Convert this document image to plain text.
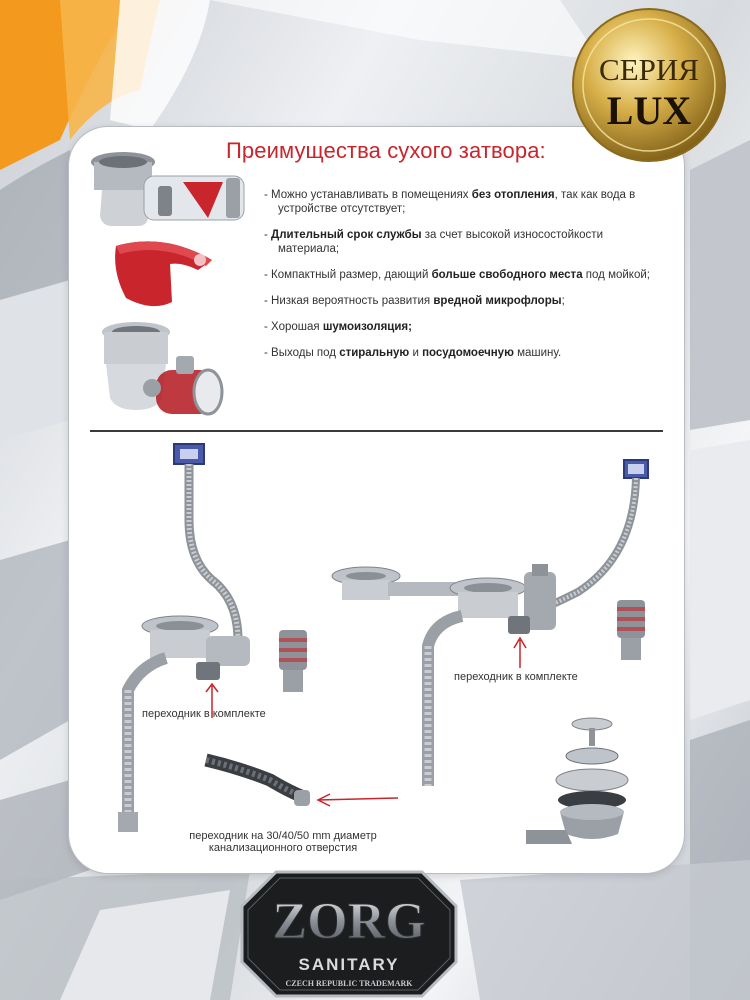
СЕРИЯ
LUX
Преимущества сухого затвора:
- Можно устанавливать в помещениях без отопления, так как вода в устройстве отсутствует;
- Длительный срок службы за счет высокой износостойкости материала;
- Компактный размер, дающий больше свободного места под мойкой;
- Низкая вероятность развития вредной микрофлоры;
- Хорошая шумоизоляция;
- Выходы под стиральную и посудомоечную машину.
переходник в комплекте
переходник на 30/40/50 mm диаметр
канализационного отверстия
переходник в комплекте
ZORG
SANITARY
CZECH REPUBLIC TRADEMARK
